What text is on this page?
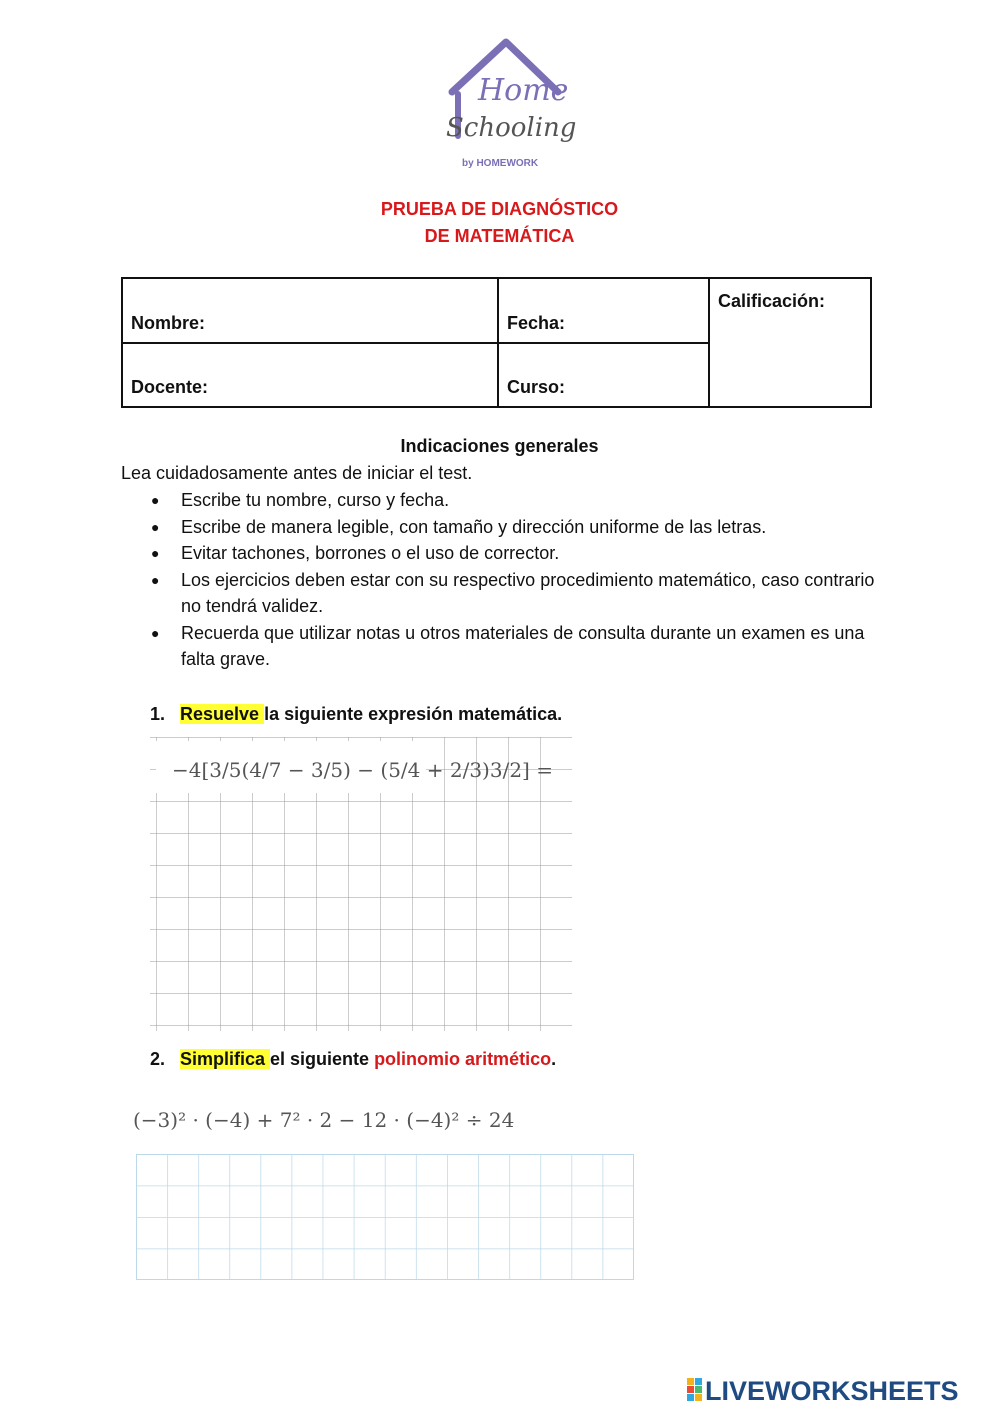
Home
Schooling
by HOMEWORK
PRUEBA DE DIAGNÓSTICO
DE MATEMÁTICA
Nombre:	Fecha:	Calificación:
Docente:	Curso:	
Indicaciones generales
Lea cuidadosamente antes de iniciar el test.
● Escribe tu nombre, curso y fecha.
● Escribe de manera legible, con tamaño y dirección uniforme de las letras.
● Evitar tachones, borrones o el uso de corrector.
● Los ejercicios deben estar con su respectivo procedimiento matemático, caso contrario no tendrá validez.
● Recuerda que utilizar notas u otros materiales de consulta durante un examen es una falta grave.
1. Resuelve la siguiente expresión matemática.
−4[3/5(4/7 − 3/5) − (5/4 + 2/3)3/2] =
2. Simplifica el siguiente polinomio aritmético.
(−3)² · (−4) + 7² · 2 − 12 · (−4)² ÷ 24
LIVEWORKSHEETS
